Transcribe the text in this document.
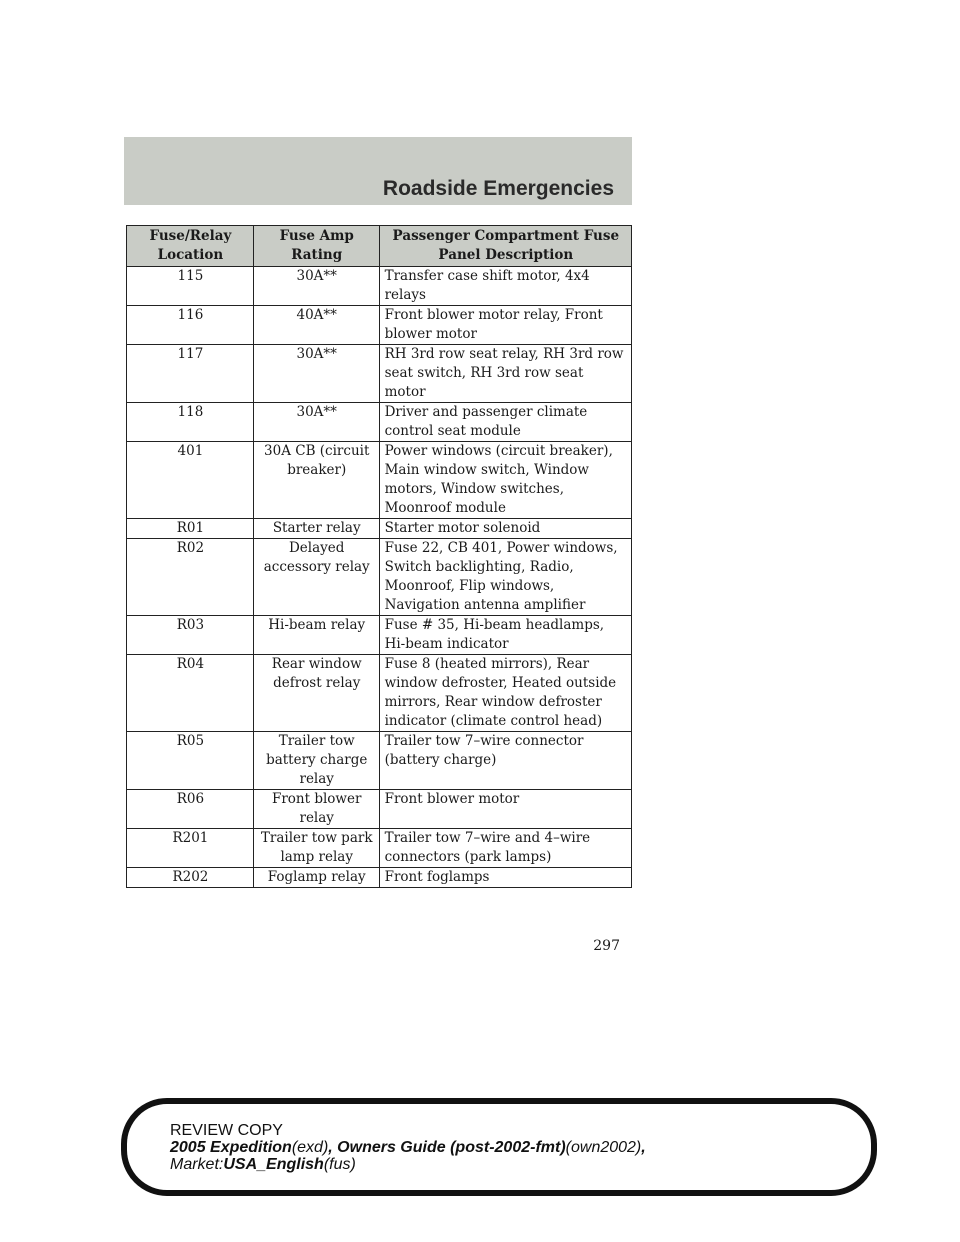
Roadside Emergencies
Fuse/Relay Location	Fuse Amp Rating	Passenger Compartment Fuse Panel Description
115	30A**	Transfer case shift motor, 4x4 relays
116	40A**	Front blower motor relay, Front blower motor
117	30A**	RH 3rd row seat relay, RH 3rd row seat switch, RH 3rd row seat motor
118	30A**	Driver and passenger climate control seat module
401	30A CB (circuit breaker)	Power windows (circuit breaker), Main window switch, Window motors, Window switches, Moonroof module
R01	Starter relay	Starter motor solenoid
R02	Delayed accessory relay	Fuse 22, CB 401, Power windows, Switch backlighting, Radio, Moonroof, Flip windows, Navigation antenna amplifier
R03	Hi-beam relay	Fuse # 35, Hi-beam headlamps, Hi-beam indicator
R04	Rear window defrost relay	Fuse 8 (heated mirrors), Rear window defroster, Heated outside mirrors, Rear window defroster indicator (climate control head)
R05	Trailer tow battery charge relay	Trailer tow 7–wire connector (battery charge)
R06	Front blower relay	Front blower motor
R201	Trailer tow park lamp relay	Trailer tow 7–wire and 4–wire connectors (park lamps)
R202	Foglamp relay	Front foglamps
297
REVIEW COPY
2005 Expedition(exd), Owners Guide (post-2002-fmt)(own2002),
Market:USA_English(fus)
